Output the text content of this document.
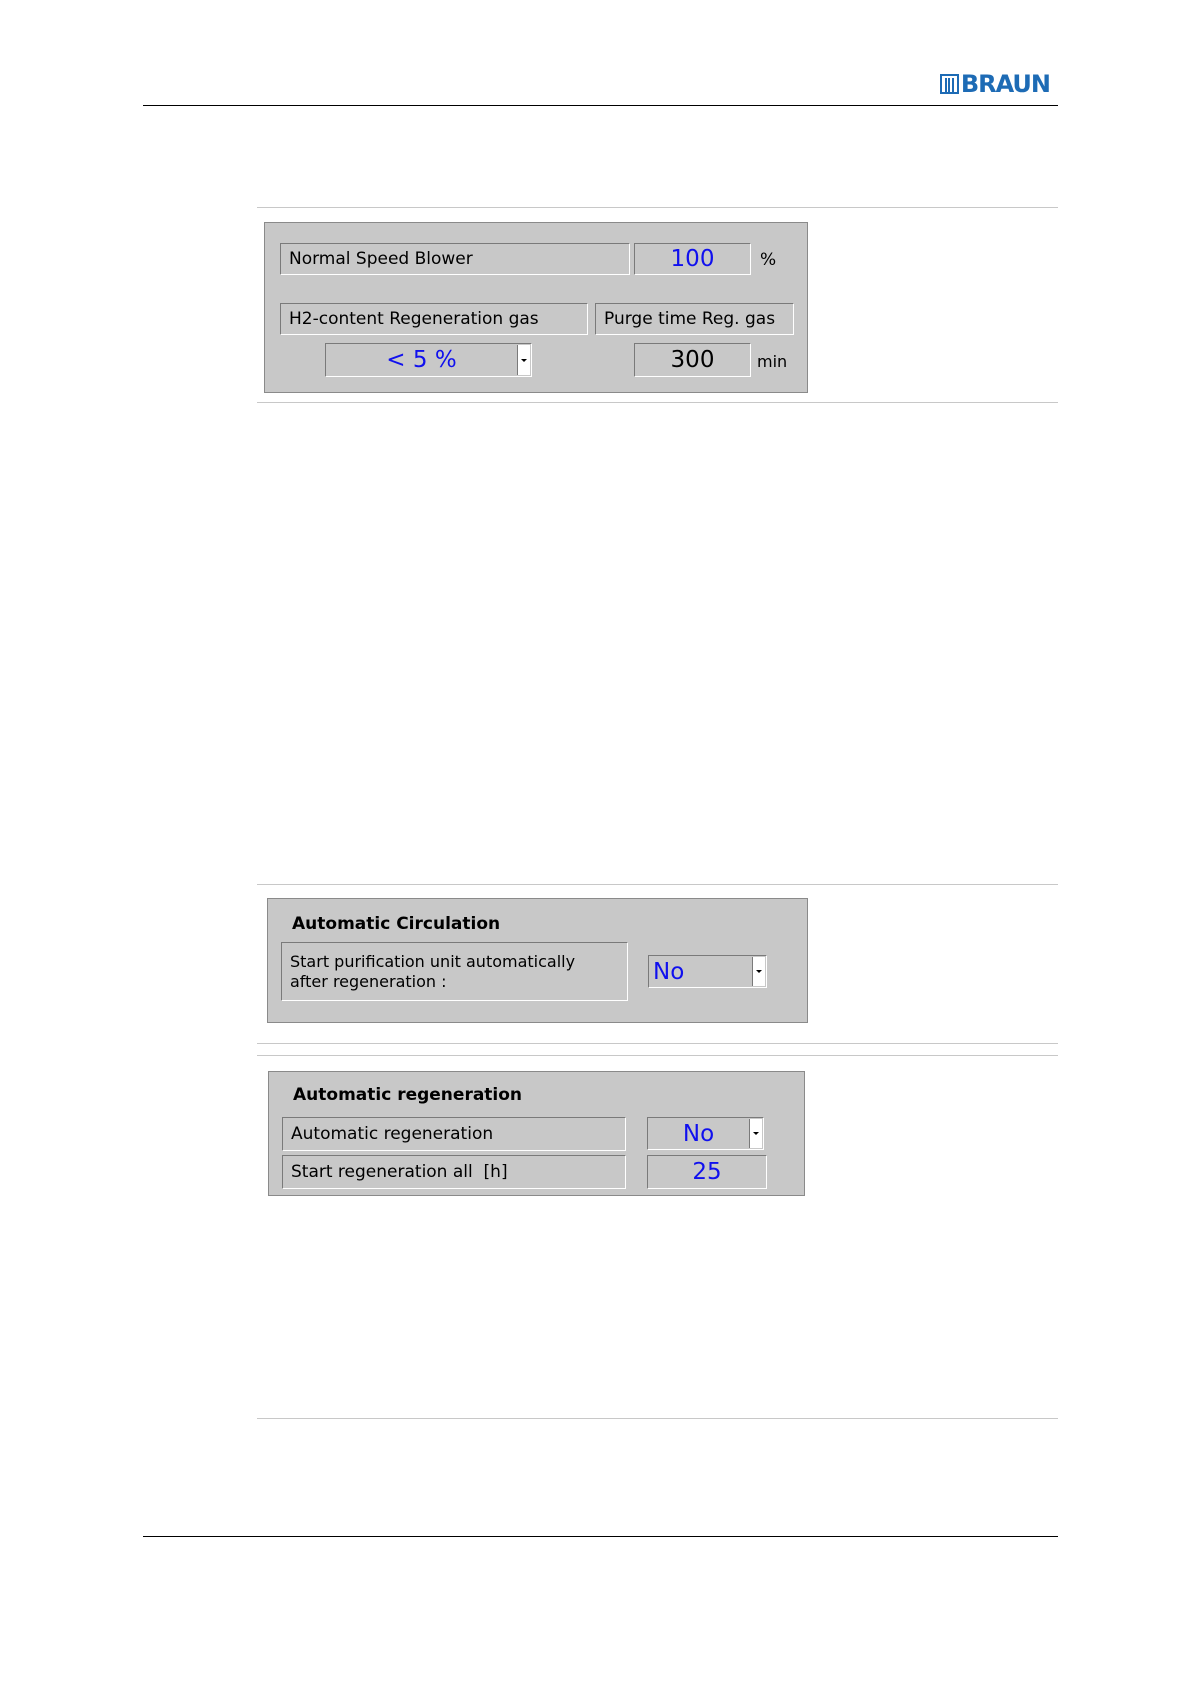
BRAUN
Normal Speed Blower	100	%
H2-content Regeneration gas	Purge time Reg. gas
< 5 %	300	min
Automatic Circulation
Start purification unit automatically
after regeneration :	No
Automatic regeneration
Automatic regeneration	No
Start regeneration all  [h]	25
